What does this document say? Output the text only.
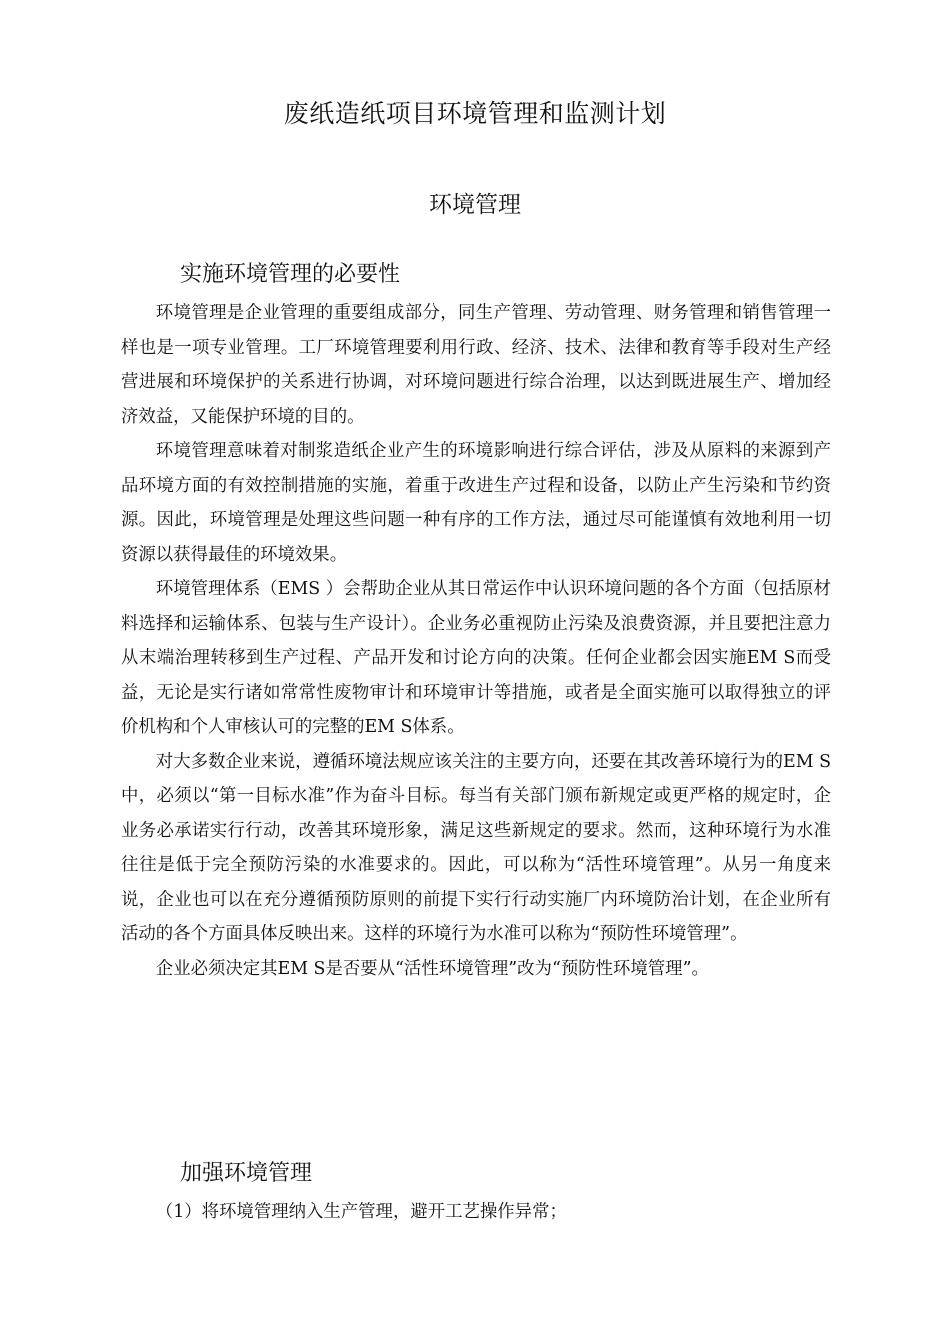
废纸造纸项目环境管理和监测计划
环境管理
实施环境管理的必要性

环境管理是企业管理的重要组成部分，同生产管理、劳动管理、财务管理和销售管理一样也是一项专业管理。工厂环境管理要利用行政、经济、技术、法律和教育等手段对生产经营进展和环境保护的关系进行协调，对环境问题进行综合治理，以达到既进展生产、增加经济效益，又能保护环境的目的。

环境管理意味着对制浆造纸企业产生的环境影响进行综合评估，涉及从原料的来源到产品环境方面的有效控制措施的实施，着重于改进生产过程和设备，以防止产生污染和节约资源。因此，环境管理是处理这些问题一种有序的工作方法，通过尽可能谨慎有效地利用一切资源以获得最佳的环境效果。

环境管理体系（EMS ）会帮助企业从其日常运作中认识环境问题的各个方面（包括原材料选择和运输体系、包装与生产设计）。企业务必重视防止污染及浪费资源，并且要把注意力从末端治理转移到生产过程、产品开发和讨论方向的决策。任何企业都会因实施EM S而受益，无论是实行诸如常常性废物审计和环境审计等措施，或者是全面实施可以取得独立的评价机构和个人审核认可的完整的EM S体系。

对大多数企业来说，遵循环境法规应该关注的主要方向，还要在其改善环境行为的EM S中，必须以“第一目标水准”作为奋斗目标。每当有关部门颁布新规定或更严格的规定时，企业务必承诺实行行动，改善其环境形象，满足这些新规定的要求。然而，这种环境行为水准往往是低于完全预防污染的水准要求的。因此，可以称为“活性环境管理”。从另一角度来说，企业也可以在充分遵循预防原则的前提下实行行动实施厂内环境防治计划，在企业所有活动的各个方面具体反映出来。这样的环境行为水准可以称为“预防性环境管理”。

企业必须决定其EM S是否要从“活性环境管理”改为“预防性环境管理”。

加强环境管理

（1）将环境管理纳入生产管理，避开工艺操作异常；
